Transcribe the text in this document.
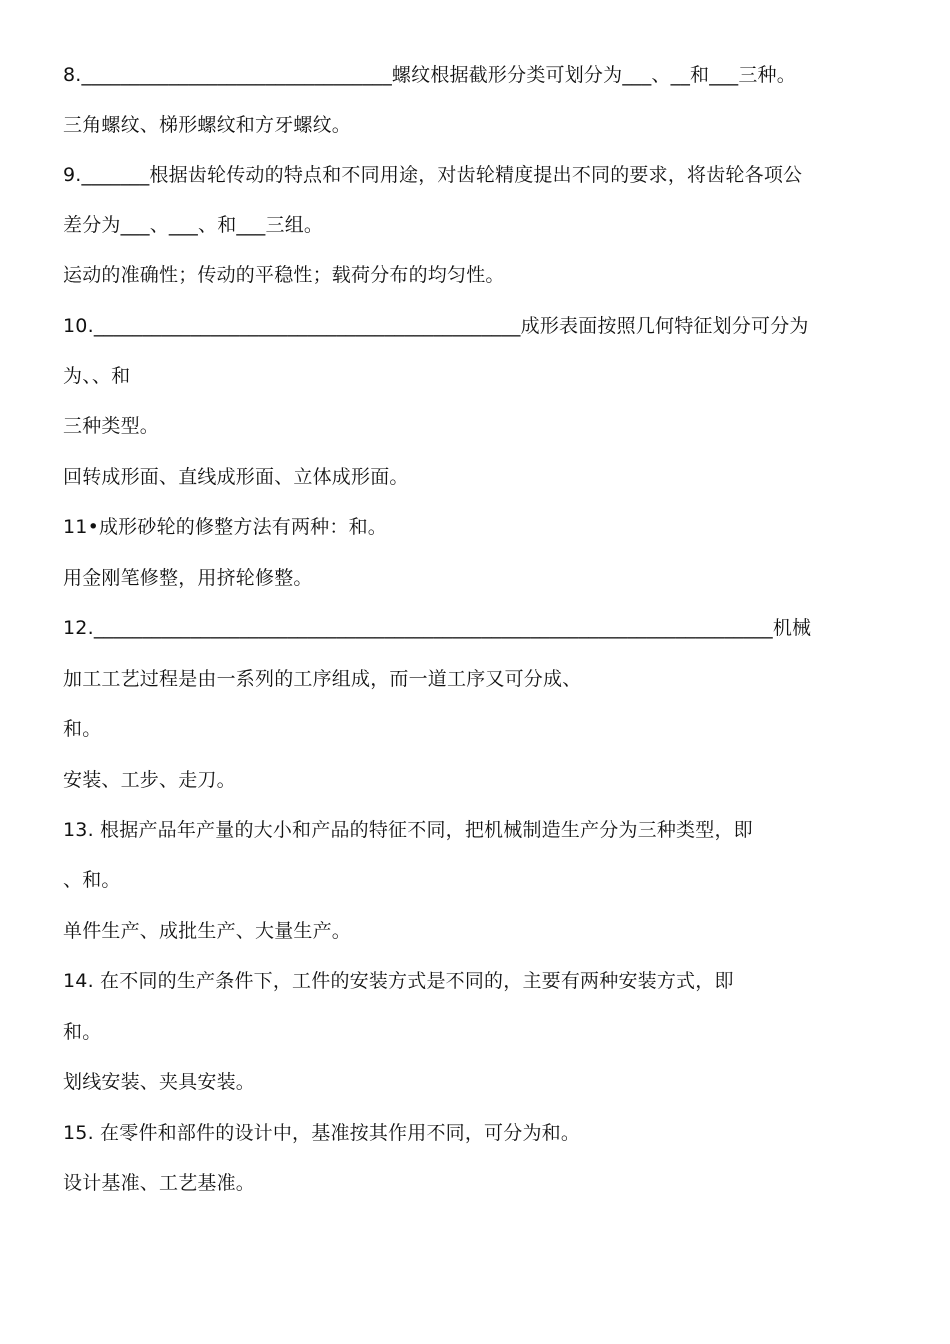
8.________________________________螺纹根据截形分类可划分为___、__和___三种。
三角螺纹、梯形螺纹和方牙螺纹。
9._______根据齿轮传动的特点和不同用途，对齿轮精度提出不同的要求，将齿轮各项公
差分为___、___、和___三组。
运动的准确性；传动的平稳性；载荷分布的均匀性。
10.____________________________________________成形表面按照几何特征划分可分为
为、、和
三种类型。
回转成形面、直线成形面、立体成形面。
11•成形砂轮的修整方法有两种：和。
用金刚笔修整，用挤轮修整。
12.______________________________________________________________________机械
加工工艺过程是由一系列的工序组成，而一道工序又可分成、
和。
安装、工步、走刀。
13. 根据产品年产量的大小和产品的特征不同，把机械制造生产分为三种类型，即
、和。
单件生产、成批生产、大量生产。
14. 在不同的生产条件下，工件的安装方式是不同的，主要有两种安装方式，即
和。
划线安装、夹具安装。
15. 在零件和部件的设计中，基准按其作用不同，可分为和。
设计基准、工艺基准。
